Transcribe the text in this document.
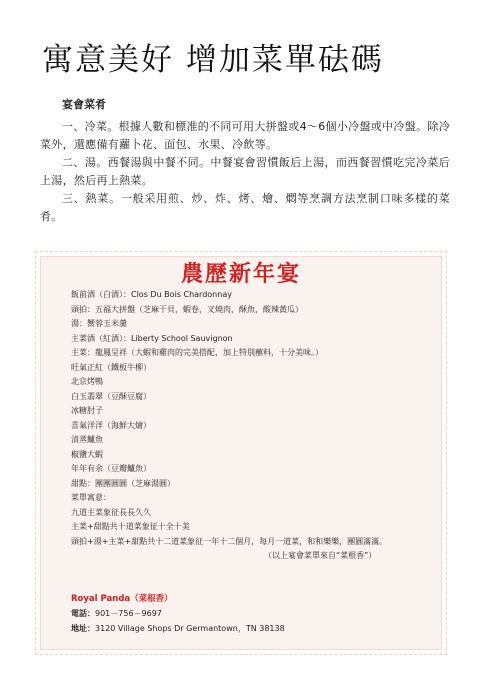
寓意美好 增加菜單砝碼

宴會菜肴

一、冷菜。根據人數和標准的不同可用大拼盤或4～6個小冷盤或中冷盤。除冷菜外，還應備有蘿卜花、面包、水果、冷飲等。

二、湯。西餐湯與中餐不同。中餐宴會習慣飯后上湯，而西餐習慣吃完冷菜后上湯，然后再上熱菜。

三、熱菜。一般采用煎、炒、炸、烤、燴、燜等烹調方法烹制口味多樣的菜肴。

農歷新年宴
飯前酒（白酒）：Clos Du Bois Chardonnay
頭拍：五福大拼盤（芝麻干貝，蝦卷，叉燒肉，酥魚，酸辣黃瓜）
湯：蟹蓉玉米羹
主菜酒（紅酒）：Liberty School Sauvignon
主菜：龍鳳呈祥（大蝦和雞肉的完美搭配，加上特別蘸料，十分美味。）
旺氣正紅（鐵板牛柳）
北京烤鴨
白玉翡翠（豆酥豆腐）
冰糖肘子
喜氣洋洋（海鮮大燴）
清蒸鱸魚
椒鹽大蝦
年年有余（豆瓣鱸魚）
甜點：團團圓圓（芝麻湯圓）
菜單寓意：
九道主菜象征長長久久
主菜+甜點共十道菜象征十全十美
頭拍+湯+主菜+甜點共十二道菜象征一年十二個月，每月一道菜，和和樂樂，團圓滿滿。
（以上宴會菜單來自“菜根香”）
Royal Panda（菜根香）
電話：901－756－9697
地址：3120 Village Shops Dr Germantown，TN 38138
